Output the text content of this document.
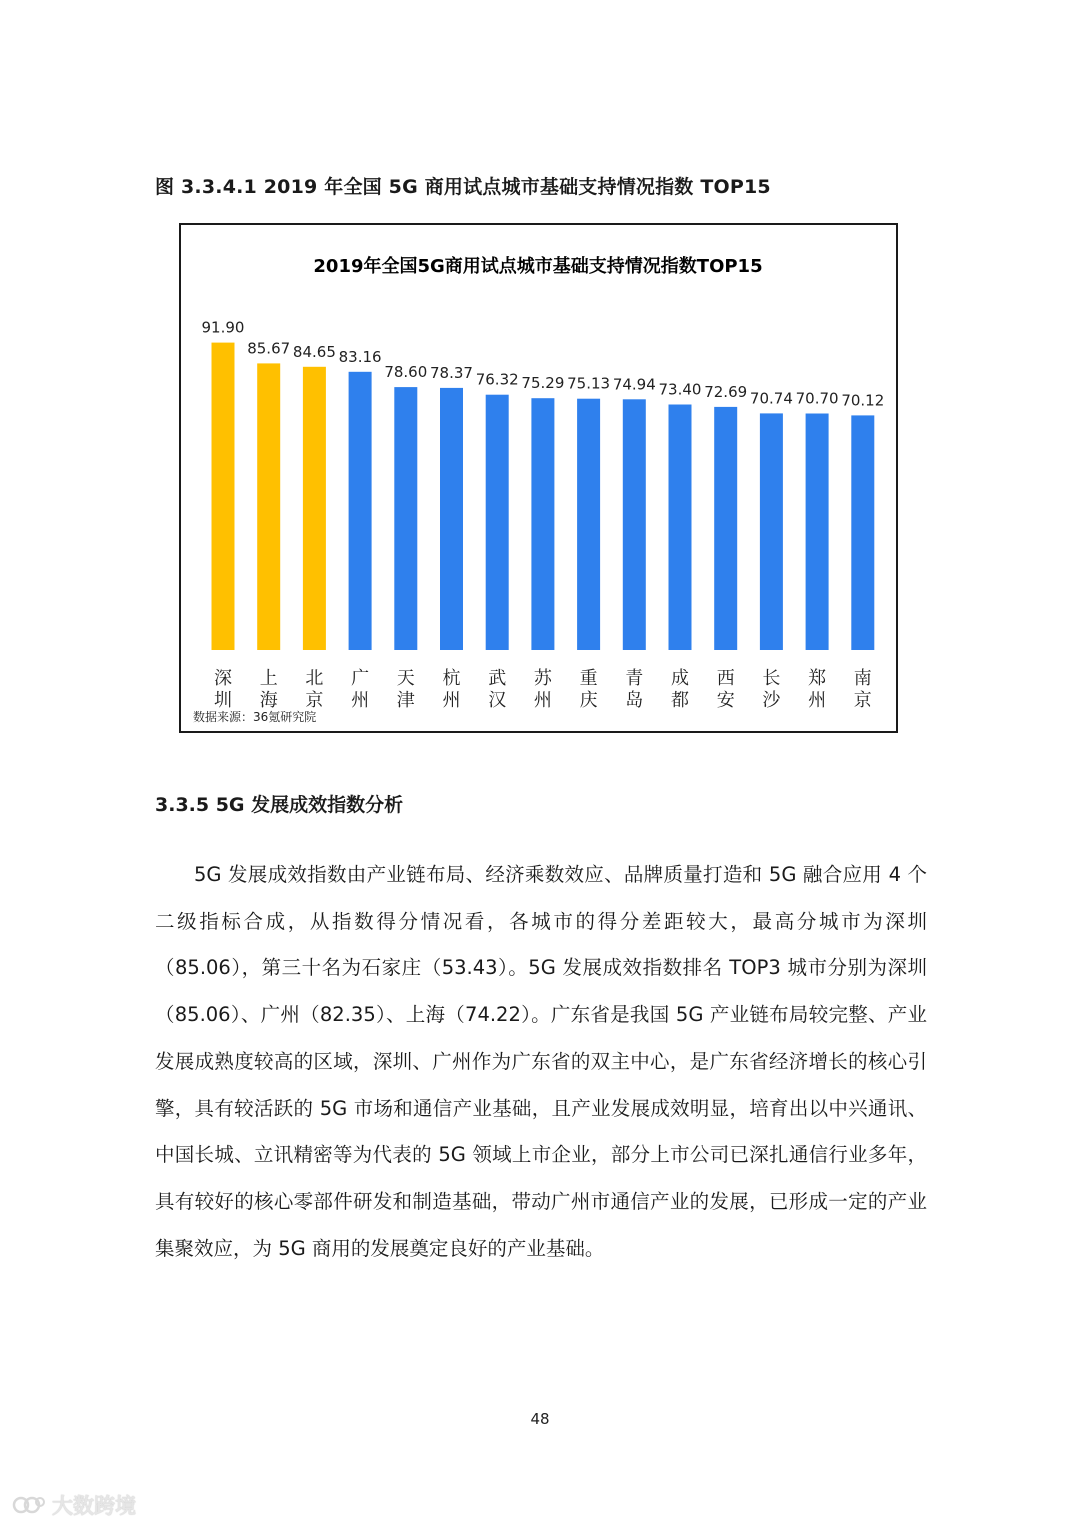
图 3.3.4.1 2019 年全国 5G 商用试点城市基础支持情况指数 TOP15
2019年全国5G商用试点城市基础支持情况指数TOP15
91.90
85.67 84.65 83.16
78.60 78.37 76.32 75.29 75.13 74.94 73.40 72.69 70.74 70.70 70.12
深圳
上海
北京
广州
天津
杭州
武汉
苏州
重庆
青岛
成都
西安
长沙
郑州
南京
数据来源：36氪研究院
3.3.5 5G 发展成效指数分析

5G 发展成效指数由产业链布局、经济乘数效应、品牌质量打造和 5G 融合应用 4 个二级指标合成，从指数得分情况看，各城市的得分差距较大，最高分城市为深圳（85.06），第三十名为石家庄（53.43）。5G 发展成效指数排名 TOP3 城市分别为深圳（85.06）、广州（82.35）、上海（74.22）。广东省是我国 5G 产业链布局较完整、产业发展成熟度较高的区域，深圳、广州作为广东省的双主中心，是广东省经济增长的核心引擎，具有较活跃的 5G 市场和通信产业基础，且产业发展成效明显，培育出以中兴通讯、中国长城、立讯精密等为代表的 5G 领域上市企业，部分上市公司已深扎通信行业多年，具有较好的核心零部件研发和制造基础，带动广州市通信产业的发展，已形成一定的产业集聚效应，为 5G 商用的发展奠定良好的产业基础。

48
大数跨境
